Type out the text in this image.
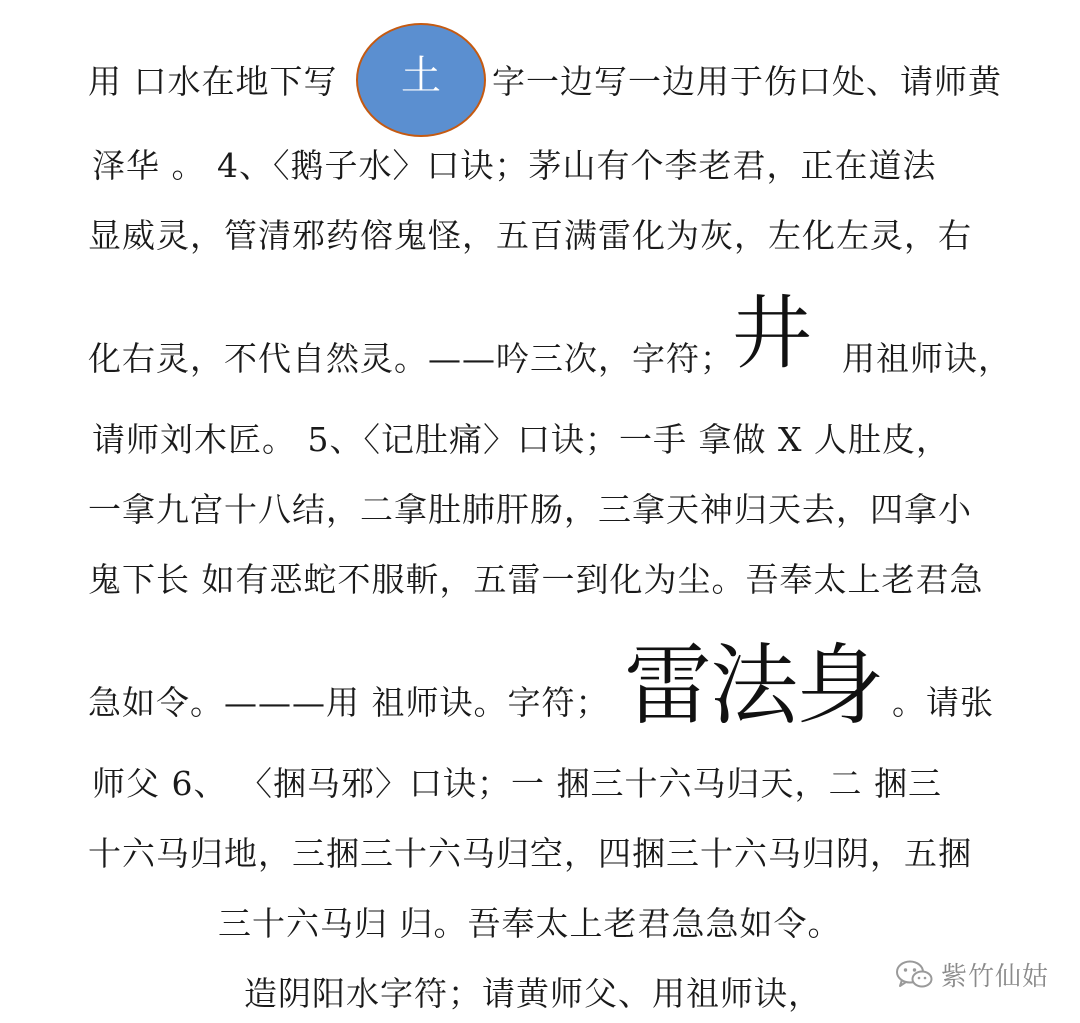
用 口水在地下写 土 字一边写一边用于伤口处、请师黄
泽华 。 4、〈鹅子水〉口诀；茅山有个李老君，正在道法
显威灵，管清邪药傛鬼怪，五百满雷化为灰，左化左灵，右
化右灵，不代自然灵。——吟三次，字符；
井 用祖师诀，
请师刘木匠。 5、〈记肚痛〉口诀；一手 拿做 X 人肚皮，
一拿九宫十八结，二拿肚肺肝肠，三拿天神归天去，四拿小
鬼下长 如有恶蛇不服斬，五雷一到化为尘。吾奉太上老君急
急如令。———用 祖师诀。字符； 雷法身 。请张
师父 6、 〈捆马邪〉口诀；一 捆三十六马归天，二 捆三
十六马归地，三捆三十六马归空，四捆三十六马归阴，五捆
三十六马归 归。吾奉太上老君急急如令。
造阴阳水字符；请黄师父、用祖师诀，	紫竹仙姑
